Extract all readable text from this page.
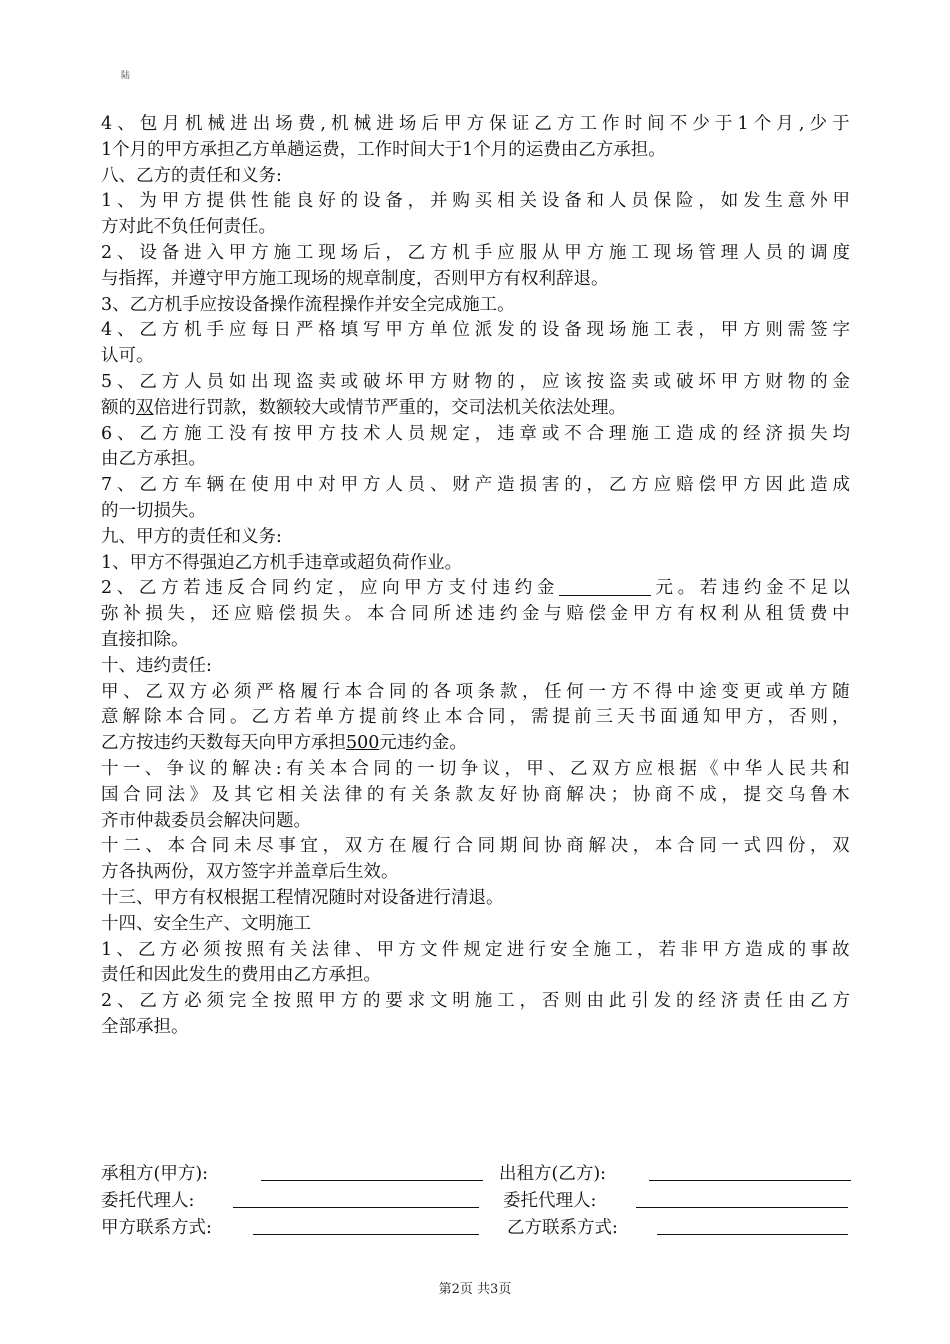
陆
4 、 包 月 机 械 进 出 场 费 , 机 械 进 场 后 甲 方 保 证 乙 方 工 作 时 间 不 少 于 1 个 月 , 少 于
1个月的甲方承担乙方单趟运费，工作时间大于1个月的运费由乙方承担。
八、乙方的责任和义务:
1 、 为 甲 方 提 供 性 能 良 好 的 设 备 ， 并 购 买 相 关 设 备 和 人 员 保 险 ， 如 发 生 意 外 甲
方对此不负任何责任。
2 、 设 备 进 入 甲 方 施 工 现 场 后 ， 乙 方 机 手 应 服 从 甲 方 施 工 现 场 管 理 人 员 的 调 度
与指挥，并遵守甲方施工现场的规章制度，否则甲方有权利辞退。
3、乙方机手应按设备操作流程操作并安全完成施工。
4 、 乙 方 机 手 应 每 日 严 格 填 写 甲 方 单 位 派 发 的 设 备 现 场 施 工 表 ， 甲 方 则 需 签 字
认可。
5 、 乙 方 人 员 如 出 现 盗 卖 或 破 坏 甲 方 财 物 的 ， 应 该 按 盗 卖 或 破 坏 甲 方 财 物 的 金
额的 双 倍进行罚款，数额较大或情节严重的，交司法机关依法处理。
6 、 乙 方 施 工 没 有 按 甲 方 技 术 人 员 规 定 ， 违 章 或 不 合 理 施 工 造 成 的 经 济 损 失 均
由乙方承担。
7 、 乙 方 车 辆 在 使 用 中 对 甲 方 人 员 、 财 产 造 损 害 的 ， 乙 方 应 赔 偿 甲 方 因 此 造 成
的一切损失。
九、甲方的责任和义务:
1、甲方不得强迫乙方机手违章或超负荷作业。
2 、 乙 方 若 违 反 合 同 约 定 ， 应 向 甲 方 支 付 违 约 金	元 。 若 违 约 金 不 足 以
弥 补 损 失 ， 还 应 赔 偿 损 失 。 本 合 同 所 述 违 约 金 与 赔 偿 金 甲 方 有 权 利 从 租 赁 费 中
直接扣除。
十、违约责任:
甲 、 乙 双 方 必 须 严 格 履 行 本 合 同 的 各 项 条 款 ， 任 何 一 方 不 得 中 途 变 更 或 单 方 随
意 解 除 本 合 同 。 乙 方 若 单 方 提 前 终 止 本 合 同 ， 需 提 前 三 天 书 面 通 知 甲 方 ， 否 则 ，
乙方按违约天数每天向甲方承担 500 元违约金。
十 一 、 争 议 的 解 决 : 有 关 本 合 同 的 一 切 争 议 ， 甲 、 乙 双 方 应 根 据 《 中 华 人 民 共 和
国 合 同 法 》 及 其 它 相 关 法 律 的 有 关 条 款 友 好 协 商 解 决 ； 协 商 不 成 ， 提 交 乌 鲁 木
齐市仲裁委员会解决问题。
十 二 、 本 合 同 未 尽 事 宜 ， 双 方 在 履 行 合 同 期 间 协 商 解 决 ， 本 合 同 一 式 四 份 ， 双
方各执两份，双方签字并盖章后生效。
十三、甲方有权根据工程情况随时对设备进行清退。
十四、安全生产、文明施工
1 、 乙 方 必 须 按 照 有 关 法 律 、 甲 方 文 件 规 定 进 行 安 全 施 工 ， 若 非 甲 方 造 成 的 事 故
责任和因此发生的费用由乙方承担。
2 、 乙 方 必 须 完 全 按 照 甲 方 的 要 求 文 明 施 工 ， 否 则 由 此 引 发 的 经 济 责 任 由 乙 方
全部承担。
承租方(甲方):	出租方(乙方):
委托代理人:	委托代理人:
甲方联系方式:	乙方联系方式:
第2页 共3页
